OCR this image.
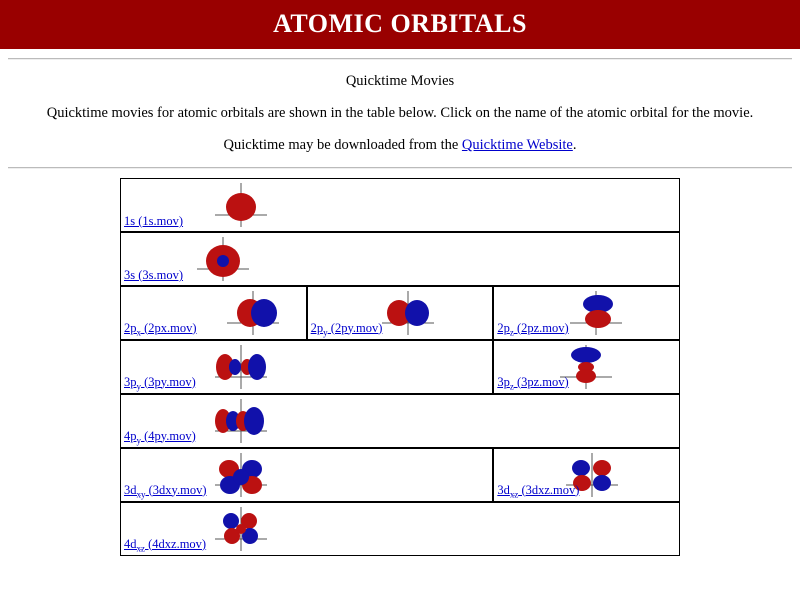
ATOMIC ORBITALS

Quicktime Movies

Quicktime movies for atomic orbitals are shown in the table below. Click on the name of the atomic orbital for the movie.

Quicktime may be downloaded from the Quicktime Website.

1s (1s.mov)		

3s (3s.mov)		

$2p_x$ (2px.mov)	$2p_y$ (2py.mov)	$2p_z$ (2pz.mov)

$3p_y$ (3py.mov)		$3p_z$ (3pz.mov)

$4p_y$ (4py.mov)		

$3d_{xy}$ (3dxy.mov)		$3d_{xz}$ (3dxz.mov)

$4d_{xz}$ (4dxz.mov)		
